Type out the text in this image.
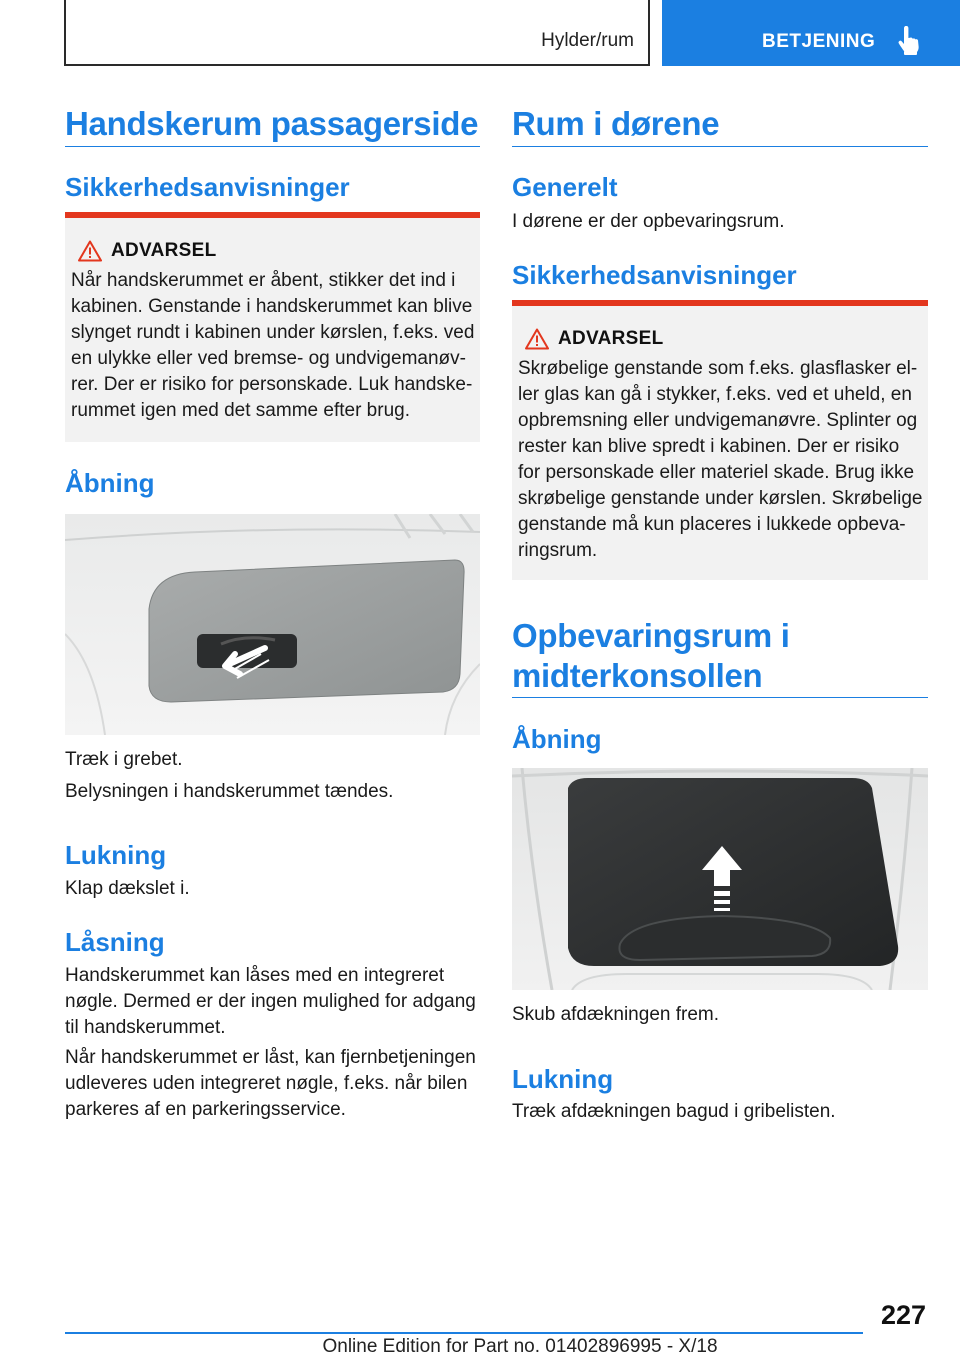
Hylder/rum	BETJENING
Handskerum passagerside
Sikkerhedsanvisninger
ADVARSEL
Når handskerummet er åbent, stikker det ind i
kabinen. Genstande i handskerummet kan blive
slynget rundt i kabinen under kørslen, f.eks. ved
en ulykke eller ved bremse- og undvigemanøv-
rer. Der er risiko for personskade. Luk handske-
rummet igen med det samme efter brug.
Åbning
Træk i grebet.
Belysningen i handskerummet tændes.
Lukning
Klap dækslet i.
Låsning
Handskerummet kan låses med en integreret
nøgle. Dermed er der ingen mulighed for adgang
til handskerummet.
Når handskerummet er låst, kan fjernbetjeningen
udleveres uden integreret nøgle, f.eks. når bilen
parkeres af en parkeringsservice.
Rum i dørene
Generelt
I dørene er der opbevaringsrum.
Sikkerhedsanvisninger
ADVARSEL
Skrøbelige genstande som f.eks. glasflasker el-
ler glas kan gå i stykker, f.eks. ved et uheld, en
opbremsning eller undvigemanøvre. Splinter og
rester kan blive spredt i kabinen. Der er risiko
for personskade eller materiel skade. Brug ikke
skrøbelige genstande under kørslen. Skrøbelige
genstande må kun placeres i lukkede opbeva-
ringsrum.
Opbevaringsrum i
midterkonsollen
Åbning
Skub afdækningen frem.
Lukning
Træk afdækningen bagud i gribelisten.
227
Online Edition for Part no. 01402896995 - X/18
